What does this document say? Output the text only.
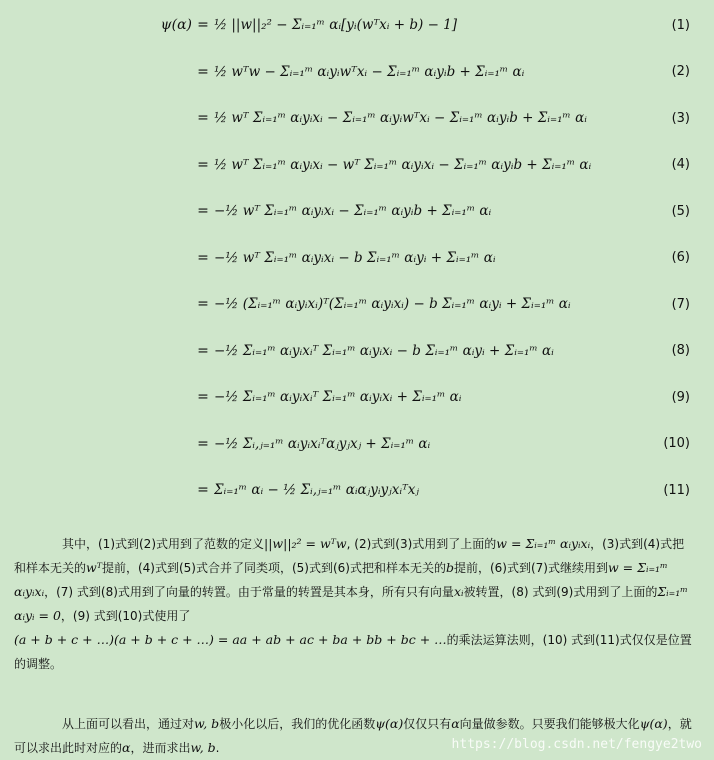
ψ(α) = ½ ||w||₂² − Σᵢ₌₁ᵐ αᵢ[yᵢ(wᵀxᵢ + b) − 1]	(1)
= ½ wᵀw − Σᵢ₌₁ᵐ αᵢyᵢwᵀxᵢ − Σᵢ₌₁ᵐ αᵢyᵢb + Σᵢ₌₁ᵐ αᵢ	(2)
= ½ wᵀ Σᵢ₌₁ᵐ αᵢyᵢxᵢ − Σᵢ₌₁ᵐ αᵢyᵢwᵀxᵢ − Σᵢ₌₁ᵐ αᵢyᵢb + Σᵢ₌₁ᵐ αᵢ	(3)
= ½ wᵀ Σᵢ₌₁ᵐ αᵢyᵢxᵢ − wᵀ Σᵢ₌₁ᵐ αᵢyᵢxᵢ − Σᵢ₌₁ᵐ αᵢyᵢb + Σᵢ₌₁ᵐ αᵢ	(4)
= −½ wᵀ Σᵢ₌₁ᵐ αᵢyᵢxᵢ − Σᵢ₌₁ᵐ αᵢyᵢb + Σᵢ₌₁ᵐ αᵢ	(5)
= −½ wᵀ Σᵢ₌₁ᵐ αᵢyᵢxᵢ − b Σᵢ₌₁ᵐ αᵢyᵢ + Σᵢ₌₁ᵐ αᵢ	(6)
= −½ (Σᵢ₌₁ᵐ αᵢyᵢxᵢ)ᵀ(Σᵢ₌₁ᵐ αᵢyᵢxᵢ) − b Σᵢ₌₁ᵐ αᵢyᵢ + Σᵢ₌₁ᵐ αᵢ	(7)
= −½ Σᵢ₌₁ᵐ αᵢyᵢxᵢᵀ Σᵢ₌₁ᵐ αᵢyᵢxᵢ − b Σᵢ₌₁ᵐ αᵢyᵢ + Σᵢ₌₁ᵐ αᵢ	(8)
= −½ Σᵢ₌₁ᵐ αᵢyᵢxᵢᵀ Σᵢ₌₁ᵐ αᵢyᵢxᵢ + Σᵢ₌₁ᵐ αᵢ	(9)
= −½ Σᵢ,ⱼ₌₁ᵐ αᵢyᵢxᵢᵀαⱼyⱼxⱼ + Σᵢ₌₁ᵐ αᵢ	(10)
= Σᵢ₌₁ᵐ αᵢ − ½ Σᵢ,ⱼ₌₁ᵐ αᵢαⱼyᵢyⱼxᵢᵀxⱼ	(11)
其中，(1)式到(2)式用到了范数的定义||w||₂² = wᵀw, (2)式到(3)式用到了上面的w = Σᵢ₌₁ᵐ αᵢyᵢxᵢ，(3)式到(4)式把和样本无关的wᵀ提前，(4)式到(5)式合并了同类项，(5)式到(6)式把和样本无关的b提前，(6)式到(7)式继续用到w = Σᵢ₌₁ᵐ αᵢyᵢxᵢ，(7) 式到(8)式用到了向量的转置。由于常量的转置是其本身，所有只有向量xᵢ被转置，(8) 式到(9)式用到了上面的Σᵢ₌₁ᵐ αᵢyᵢ = 0，(9) 式到(10)式使用了
(a + b + c + …)(a + b + c + …) = aa + ab + ac + ba + bb + bc + …的乘法运算法则，(10) 式到(11)式仅仅是位置的调整。
从上面可以看出，通过对w, b极小化以后，我们的优化函数ψ(α)仅仅只有α向量做参数。只要我们能够极大化ψ(α)，就可以求出此时对应的α，进而求出w, b.	https://blog.csdn.net/fengye2two
